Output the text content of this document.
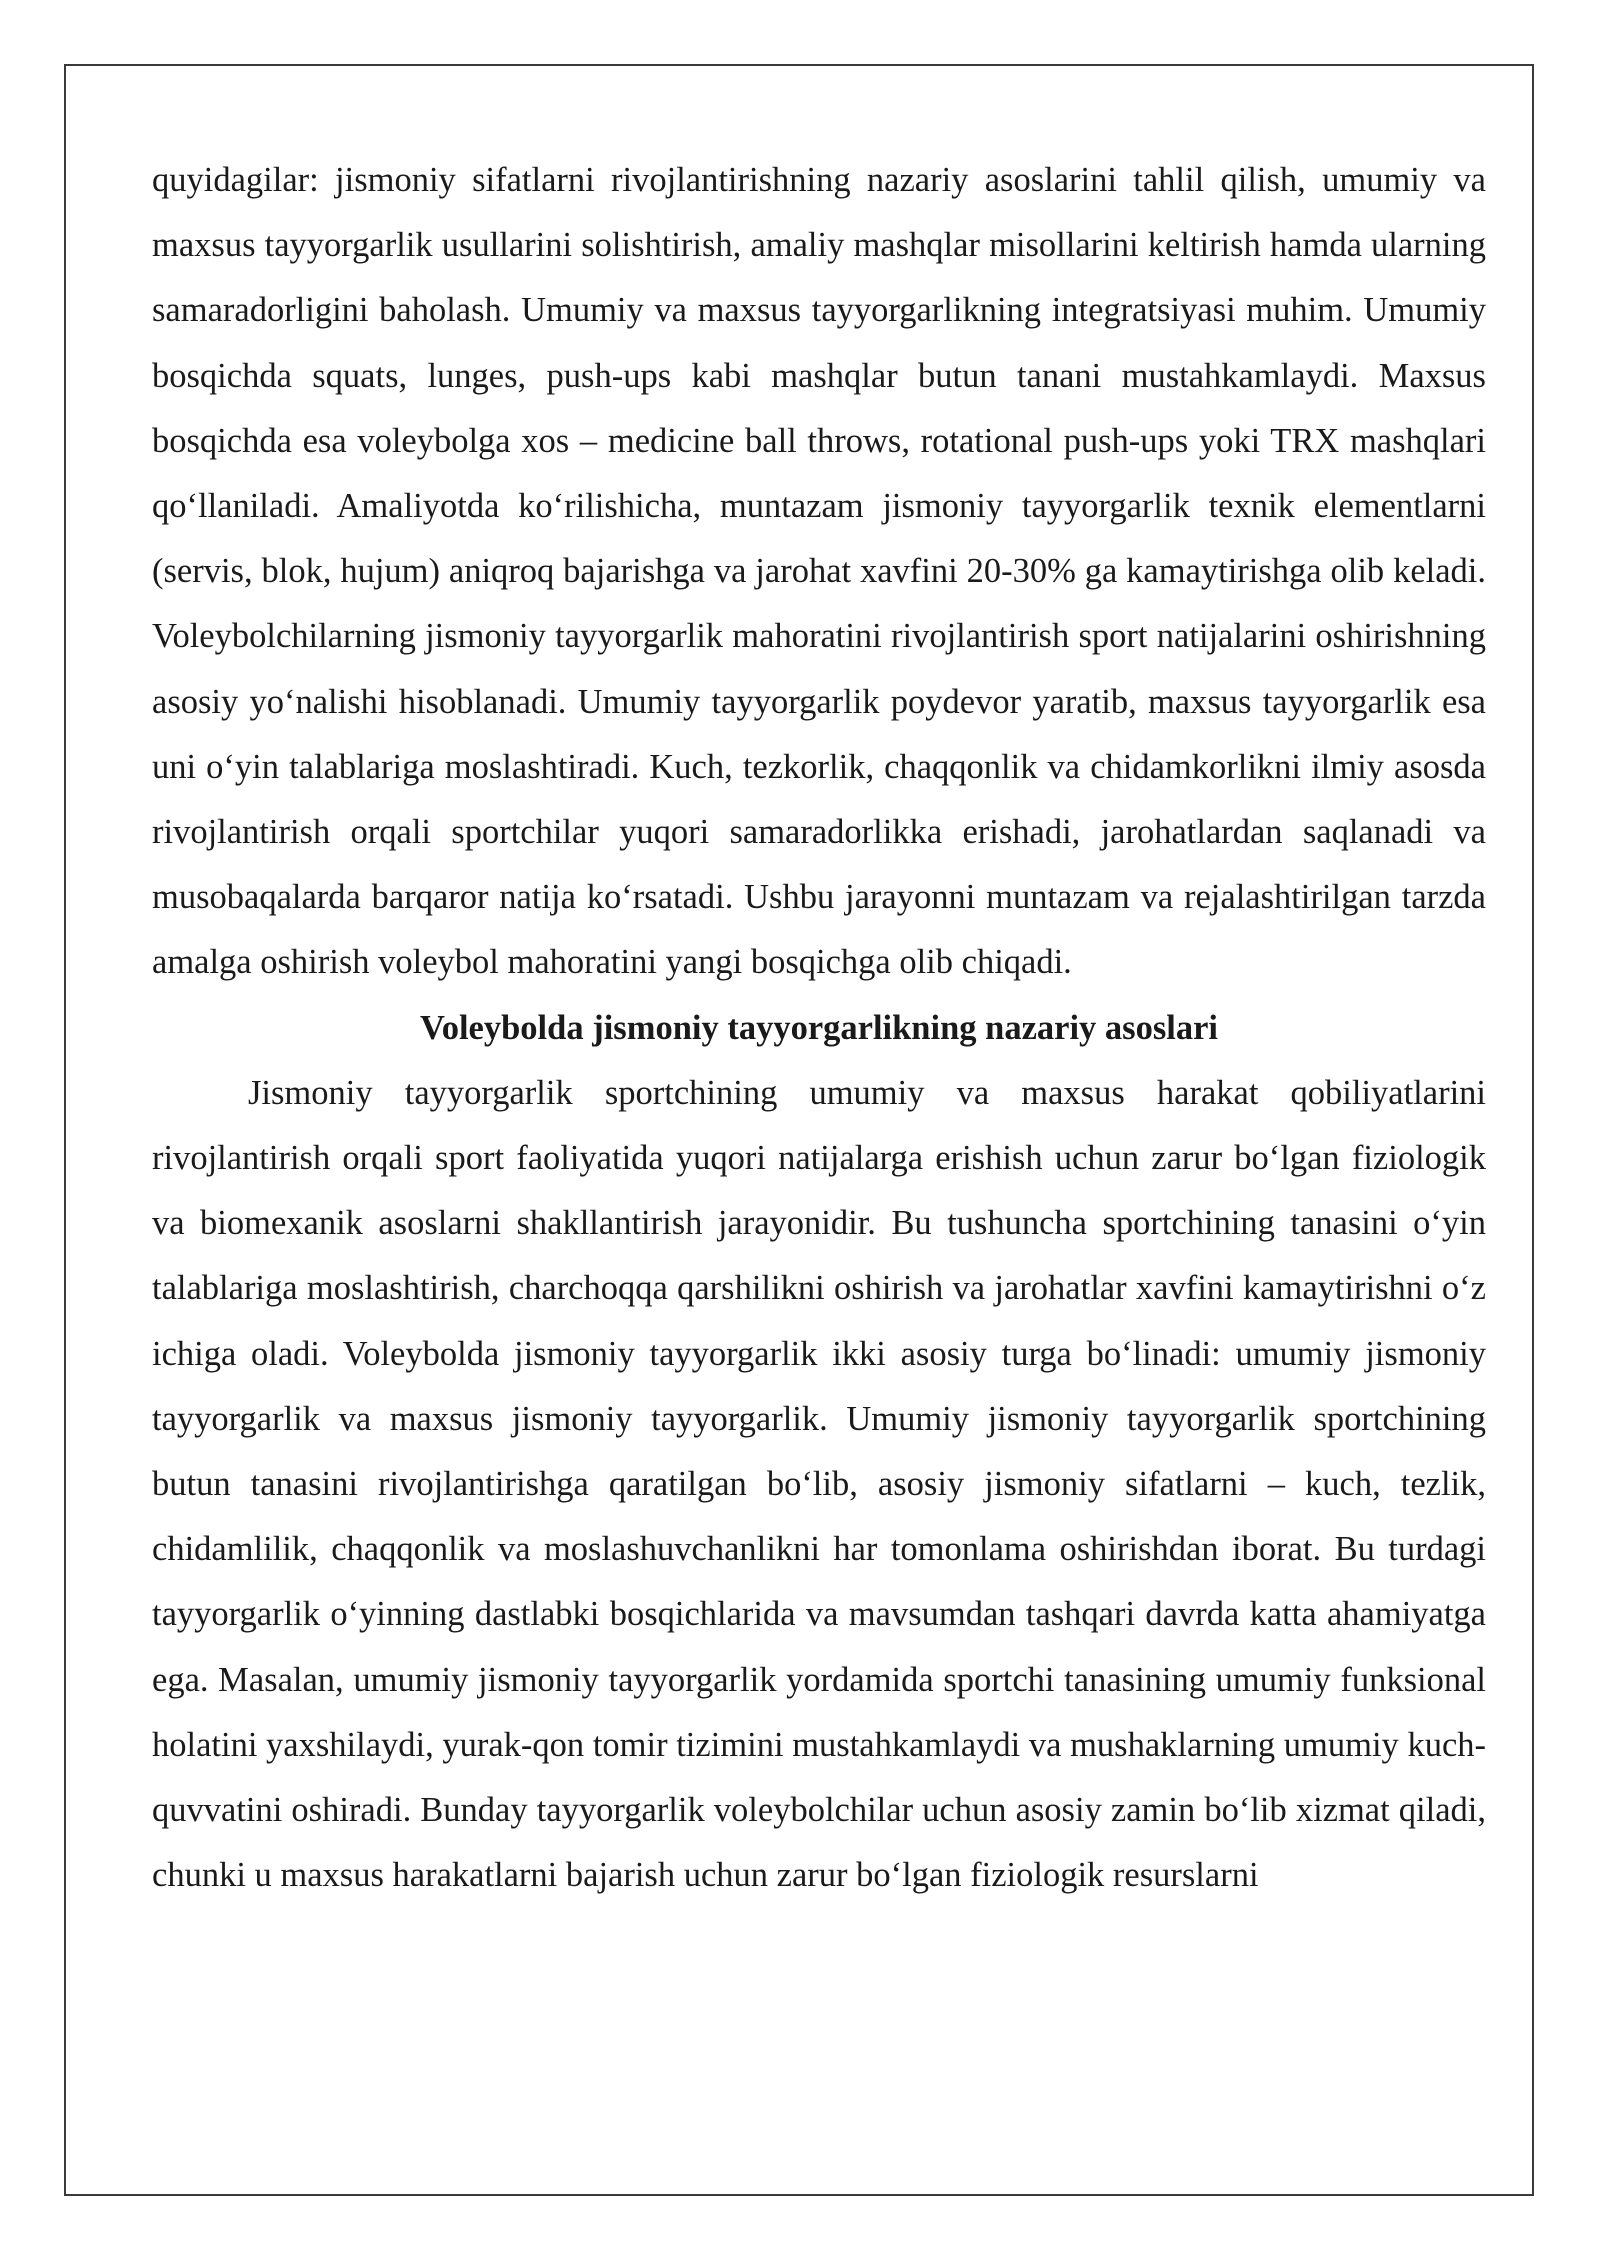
quyidagilar: jismoniy sifatlarni rivojlantirishning nazariy asoslarini tahlil qilish, umumiy va maxsus tayyorgarlik usullarini solishtirish, amaliy mashqlar misollarini keltirish hamda ularning samaradorligini baholash. Umumiy va maxsus tayyorgarlikning integratsiyasi muhim. Umumiy bosqichda squats, lunges, push-ups kabi mashqlar butun tanani mustahkamlaydi. Maxsus bosqichda esa voleybolga xos – medicine ball throws, rotational push-ups yoki TRX mashqlari qo‘llaniladi. Amaliyotda ko‘rilishicha, muntazam jismoniy tayyorgarlik texnik elementlarni (servis, blok, hujum) aniqroq bajarishga va jarohat xavfini 20-30% ga kamaytirishga olib keladi. Voleybolchilarning jismoniy tayyorgarlik mahoratini rivojlantirish sport natijalarini oshirishning asosiy yo‘nalishi hisoblanadi. Umumiy tayyorgarlik poydevor yaratib, maxsus tayyorgarlik esa uni o‘yin talablariga moslashtiradi. Kuch, tezkorlik, chaqqonlik va chidamkorlikni ilmiy asosda rivojlantirish orqali sportchilar yuqori samaradorlikka erishadi, jarohatlardan saqlanadi va musobaqalarda barqaror natija ko‘rsatadi. Ushbu jarayonni muntazam va rejalashtirilgan tarzda amalga oshirish voleybol mahoratini yangi bosqichga olib chiqadi.

Voleybolda jismoniy tayyorgarlikning nazariy asoslari

Jismoniy tayyorgarlik sportchining umumiy va maxsus harakat qobiliyatlarini rivojlantirish orqali sport faoliyatida yuqori natijalarga erishish uchun zarur bo‘lgan fiziologik va biomexanik asoslarni shakllantirish jarayonidir. Bu tushuncha sportchining tanasini o‘yin talablariga moslashtirish, charchoqqa qarshilikni oshirish va jarohatlar xavfini kamaytirishni o‘z ichiga oladi. Voleybolda jismoniy tayyorgarlik ikki asosiy turga bo‘linadi: umumiy jismoniy tayyorgarlik va maxsus jismoniy tayyorgarlik. Umumiy jismoniy tayyorgarlik sportchining butun tanasini rivojlantirishga qaratilgan bo‘lib, asosiy jismoniy sifatlarni – kuch, tezlik, chidamlilik, chaqqonlik va moslashuvchanlikni har tomonlama oshirishdan iborat. Bu turdagi tayyorgarlik o‘yinning dastlabki bosqichlarida va mavsumdan tashqari davrda katta ahamiyatga ega. Masalan, umumiy jismoniy tayyorgarlik yordamida sportchi tanasining umumiy funksional holatini yaxshilaydi, yurak-qon tomir tizimini mustahkamlaydi va mushaklarning umumiy kuch-quvvatini oshiradi. Bunday tayyorgarlik voleybolchilar uchun asosiy zamin bo‘lib xizmat qiladi, chunki u maxsus harakatlarni bajarish uchun zarur bo‘lgan fiziologik resurslarni
